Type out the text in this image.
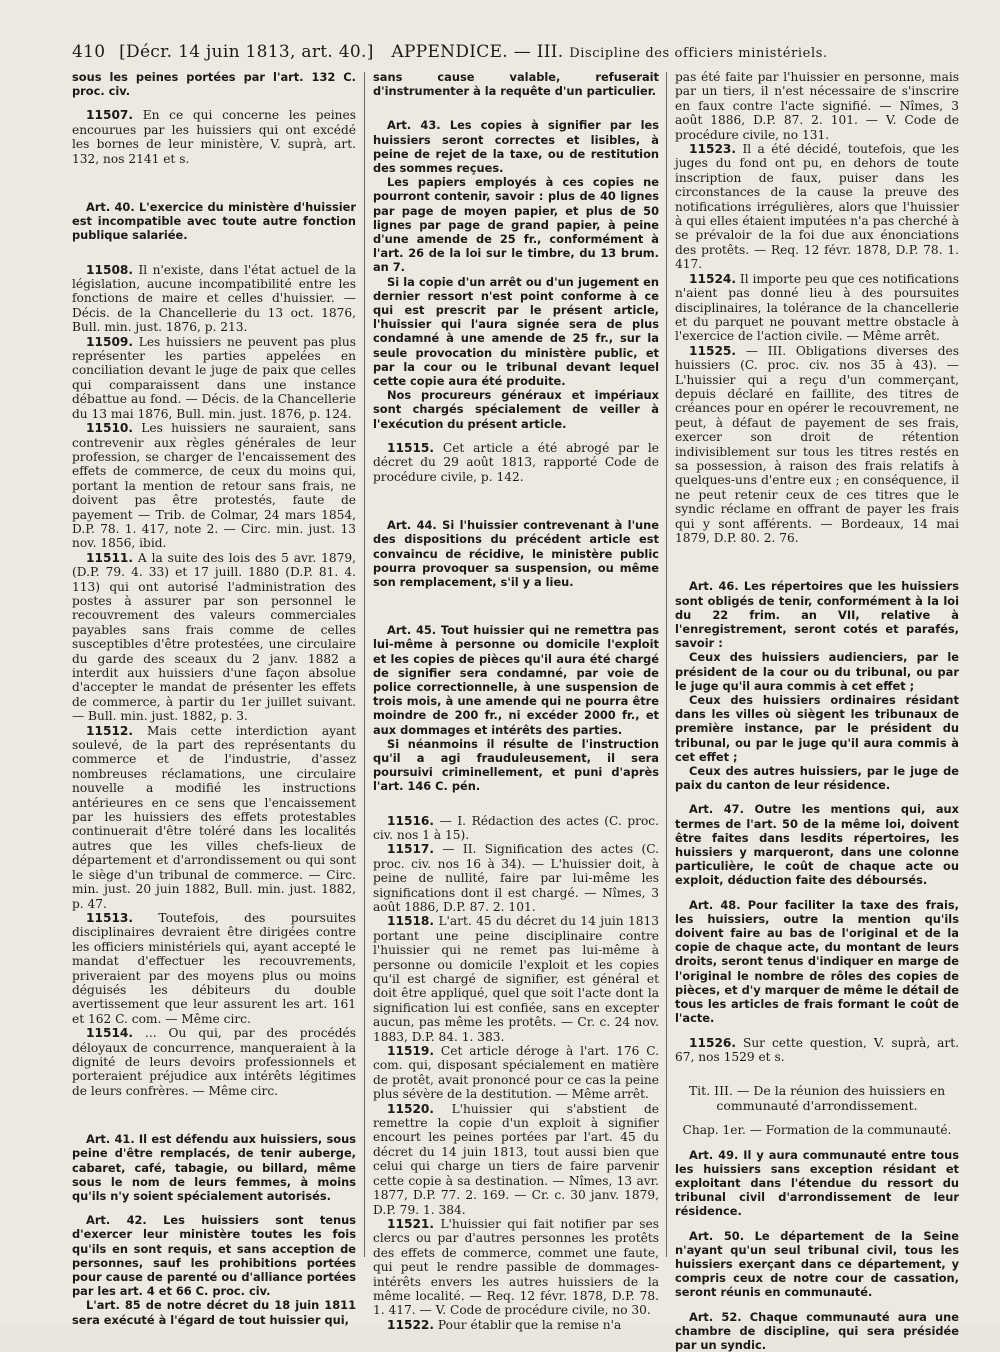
410 [Décr. 14 juin 1813, art. 40.] APPENDICE. — III. Discipline des officiers ministériels.

sous les peines portées par l'art. 132 C. proc. civ.

11507. En ce qui concerne les peines encourues par les huissiers qui ont excédé les bornes de leur ministère, V. suprà, art. 132, nos 2141 et s.

Art. 40. L'exercice du ministère d'huissier est incompatible avec toute autre fonction publique salariée.

11508. Il n'existe, dans l'état actuel de la législation, aucune incompatibilité entre les fonctions de maire et celles d'huissier. — Décis. de la Chancellerie du 13 oct. 1876, Bull. min. just. 1876, p. 213.

11509. Les huissiers ne peuvent pas plus représenter les parties appelées en conciliation devant le juge de paix que celles qui comparaissent dans une instance débattue au fond. — Décis. de la Chancellerie du 13 mai 1876, Bull. min. just. 1876, p. 124.

11510. Les huissiers ne sauraient, sans contrevenir aux règles générales de leur profession, se charger de l'encaissement des effets de commerce, de ceux du moins qui, portant la mention de retour sans frais, ne doivent pas être protestés, faute de payement — Trib. de Colmar, 24 mars 1854, D.P. 78. 1. 417, note 2. — Circ. min. just. 13 nov. 1856, ibid.

11511. A la suite des lois des 5 avr. 1879, (D.P. 79. 4. 33) et 17 juill. 1880 (D.P. 81. 4. 113) qui ont autorisé l'administration des postes à assurer par son personnel le recouvrement des valeurs commerciales payables sans frais comme de celles susceptibles d'être protestées, une circulaire du garde des sceaux du 2 janv. 1882 a interdit aux huissiers d'une façon absolue d'accepter le mandat de présenter les effets de commerce, à partir du 1er juillet suivant. — Bull. min. just. 1882, p. 3.

11512. Mais cette interdiction ayant soulevé, de la part des représentants du commerce et de l'industrie, d'assez nombreuses réclamations, une circulaire nouvelle a modifié les instructions antérieures en ce sens que l'encaissement par les huissiers des effets protestables continuerait d'être toléré dans les localités autres que les villes chefs-lieux de département et d'arrondissement ou qui sont le siège d'un tribunal de commerce. — Circ. min. just. 20 juin 1882, Bull. min. just. 1882, p. 47.

11513. Toutefois, des poursuites disciplinaires devraient être dirigées contre les officiers ministériels qui, ayant accepté le mandat d'effectuer les recouvrements, priveraient par des moyens plus ou moins déguisés les débiteurs du double avertissement que leur assurent les art. 161 et 162 C. com. — Même circ.

11514. ... Ou qui, par des procédés déloyaux de concurrence, manqueraient à la dignité de leurs devoirs professionnels et porteraient préjudice aux intérêts légitimes de leurs confrères. — Même circ.

Art. 41. Il est défendu aux huissiers, sous peine d'être remplacés, de tenir auberge, cabaret, café, tabagie, ou billard, même sous le nom de leurs femmes, à moins qu'ils n'y soient spécialement autorisés.

Art. 42. Les huissiers sont tenus d'exercer leur ministère toutes les fois qu'ils en sont requis, et sans acception de personnes, sauf les prohibitions portées pour cause de parenté ou d'alliance portées par les art. 4 et 66 C. proc. civ.

L'art. 85 de notre décret du 18 juin 1811 sera exécuté à l'égard de tout huissier qui,

sans cause valable, refuserait d'instrumenter à la requête d'un particulier.

Art. 43. Les copies à signifier par les huissiers seront correctes et lisibles, à peine de rejet de la taxe, ou de restitution des sommes reçues.

Les papiers employés à ces copies ne pourront contenir, savoir : plus de 40 lignes par page de moyen papier, et plus de 50 lignes par page de grand papier, à peine d'une amende de 25 fr., conformément à l'art. 26 de la loi sur le timbre, du 13 brum. an 7.

Si la copie d'un arrêt ou d'un jugement en dernier ressort n'est point conforme à ce qui est prescrit par le présent article, l'huissier qui l'aura signée sera de plus condamné à une amende de 25 fr., sur la seule provocation du ministère public, et par la cour ou le tribunal devant lequel cette copie aura été produite.

Nos procureurs généraux et impériaux sont chargés spécialement de veiller à l'exécution du présent article.

11515. Cet article a été abrogé par le décret du 29 août 1813, rapporté Code de procédure civile, p. 142.

Art. 44. Si l'huissier contrevenant à l'une des dispositions du précédent article est convaincu de récidive, le ministère public pourra provoquer sa suspension, ou même son remplacement, s'il y a lieu.

Art. 45. Tout huissier qui ne remettra pas lui-même à personne ou domicile l'exploit et les copies de pièces qu'il aura été chargé de signifier sera condamné, par voie de police correctionnelle, à une suspension de trois mois, à une amende qui ne pourra être moindre de 200 fr., ni excéder 2000 fr., et aux dommages et intérêts des parties.

Si néanmoins il résulte de l'instruction qu'il a agi frauduleusement, il sera poursuivi criminellement, et puni d'après l'art. 146 C. pén.

11516. — I. Rédaction des actes (C. proc. civ. nos 1 à 15).

11517. — II. Signification des actes (C. proc. civ. nos 16 à 34). — L'huissier doit, à peine de nullité, faire par lui-même les significations dont il est chargé. — Nîmes, 3 août 1886, D.P. 87. 2. 101.

11518. L'art. 45 du décret du 14 juin 1813 portant une peine disciplinaire contre l'huissier qui ne remet pas lui-même à personne ou domicile l'exploit et les copies qu'il est chargé de signifier, est général et doit être appliqué, quel que soit l'acte dont la signification lui est confiée, sans en excepter aucun, pas même les protêts. — Cr. c. 24 nov. 1883, D.P. 84. 1. 383.

11519. Cet article déroge à l'art. 176 C. com. qui, disposant spécialement en matière de protêt, avait prononcé pour ce cas la peine plus sévère de la destitution. — Même arrêt.

11520. L'huissier qui s'abstient de remettre la copie d'un exploit à signifier encourt les peines portées par l'art. 45 du décret du 14 juin 1813, tout aussi bien que celui qui charge un tiers de faire parvenir cette copie à sa destination. — Nîmes, 13 avr. 1877, D.P. 77. 2. 169. — Cr. c. 30 janv. 1879, D.P. 79. 1. 384.

11521. L'huissier qui fait notifier par ses clercs ou par d'autres personnes les protêts des effets de commerce, commet une faute, qui peut le rendre passible de dommages-intérêts envers les autres huissiers de la même localité. — Req. 12 févr. 1878, D.P. 78. 1. 417. — V. Code de procédure civile, no 30.

11522. Pour établir que la remise n'a

pas été faite par l'huissier en personne, mais par un tiers, il n'est nécessaire de s'inscrire en faux contre l'acte signifié. — Nîmes, 3 août 1886, D.P. 87. 2. 101. — V. Code de procédure civile, no 131.

11523. Il a été décidé, toutefois, que les juges du fond ont pu, en dehors de toute inscription de faux, puiser dans les circonstances de la cause la preuve des notifications irrégulières, alors que l'huissier à qui elles étaient imputées n'a pas cherché à se prévaloir de la foi due aux énonciations des protêts. — Req. 12 févr. 1878, D.P. 78. 1. 417.

11524. Il importe peu que ces notifications n'aient pas donné lieu à des poursuites disciplinaires, la tolérance de la chancellerie et du parquet ne pouvant mettre obstacle à l'exercice de l'action civile. — Même arrêt.

11525. — III. Obligations diverses des huissiers (C. proc. civ. nos 35 à 43). — L'huissier qui a reçu d'un commerçant, depuis déclaré en faillite, des titres de créances pour en opérer le recouvrement, ne peut, à défaut de payement de ses frais, exercer son droit de rétention indivisiblement sur tous les titres restés en sa possession, à raison des frais relatifs à quelques-uns d'entre eux ; en conséquence, il ne peut retenir ceux de ces titres que le syndic réclame en offrant de payer les frais qui y sont afférents. — Bordeaux, 14 mai 1879, D.P. 80. 2. 76.

Art. 46. Les répertoires que les huissiers sont obligés de tenir, conformément à la loi du 22 frim. an VII, relative à l'enregistrement, seront cotés et parafés, savoir :

Ceux des huissiers audienciers, par le président de la cour ou du tribunal, ou par le juge qu'il aura commis à cet effet ;

Ceux des huissiers ordinaires résidant dans les villes où siègent les tribunaux de première instance, par le président du tribunal, ou par le juge qu'il aura commis à cet effet ;

Ceux des autres huissiers, par le juge de paix du canton de leur résidence.

Art. 47. Outre les mentions qui, aux termes de l'art. 50 de la même loi, doivent être faites dans lesdits répertoires, les huissiers y marqueront, dans une colonne particulière, le coût de chaque acte ou exploit, déduction faite des déboursés.

Art. 48. Pour faciliter la taxe des frais, les huissiers, outre la mention qu'ils doivent faire au bas de l'original et de la copie de chaque acte, du montant de leurs droits, seront tenus d'indiquer en marge de l'original le nombre de rôles des copies de pièces, et d'y marquer de même le détail de tous les articles de frais formant le coût de l'acte.

11526. Sur cette question, V. suprà, art. 67, nos 1529 et s.

Tit. III. — De la réunion des huissiers en communauté d'arrondissement.

Chap. 1er. — Formation de la communauté.

Art. 49. Il y aura communauté entre tous les huissiers sans exception résidant et exploitant dans l'étendue du ressort du tribunal civil d'arrondissement de leur résidence.

Art. 50. Le département de la Seine n'ayant qu'un seul tribunal civil, tous les huissiers exerçant dans ce département, y compris ceux de notre cour de cassation, seront réunis en communauté.

Art. 52. Chaque communauté aura une chambre de discipline, qui sera présidée par un syndic.
